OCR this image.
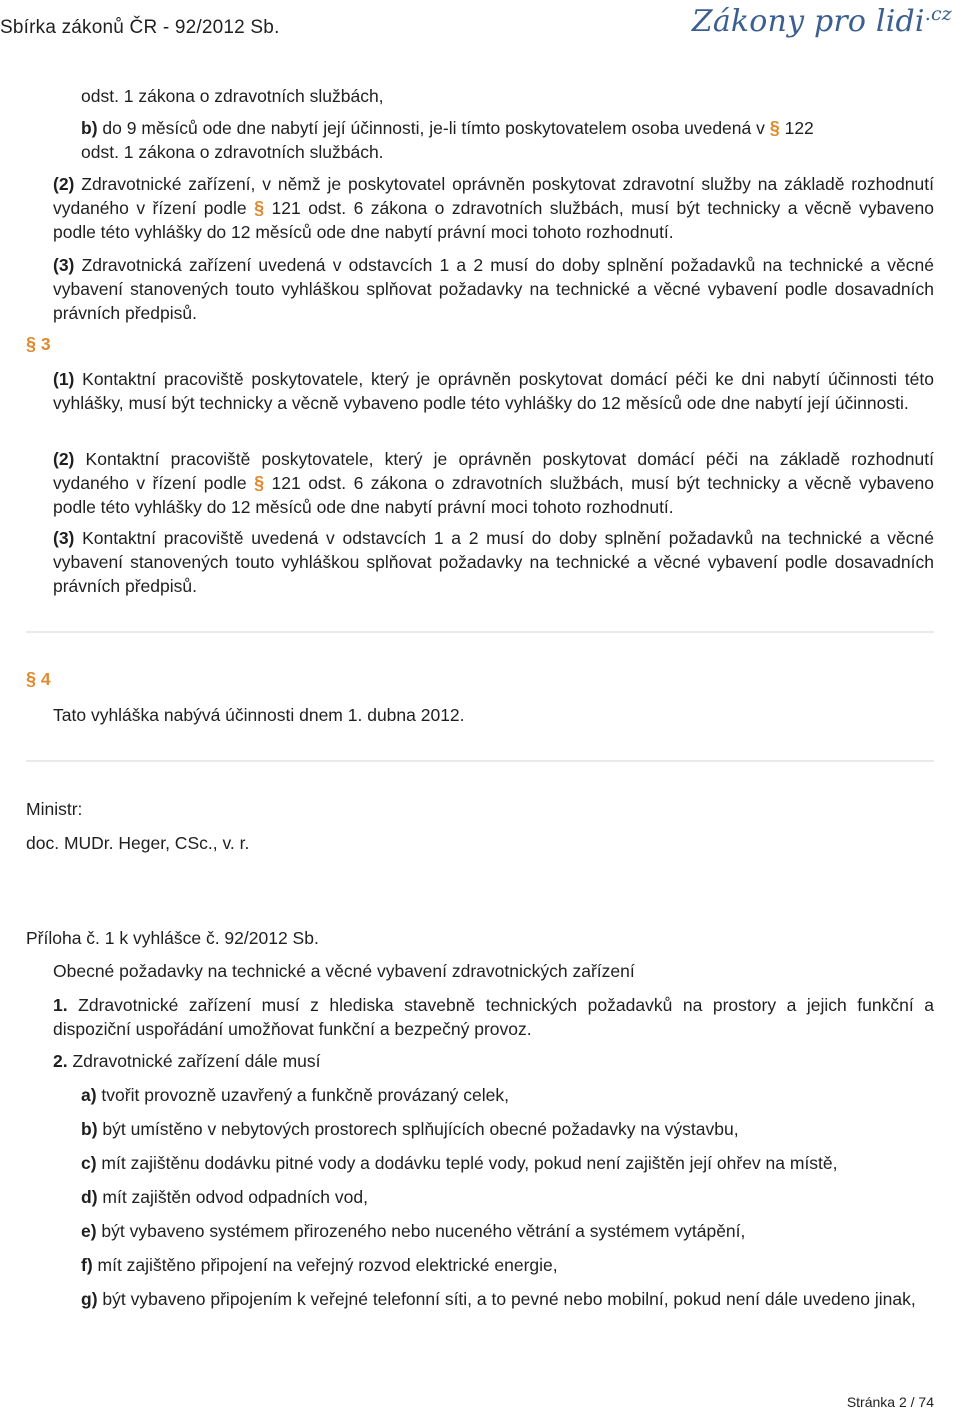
Sbírka zákonů ČR - 92/2012 Sb.	Zákony pro lidi$^{.cz}$
odst. 1 zákona o zdravotních službách,
b) do 9 měsíců ode dne nabytí její účinnosti, je-li tímto poskytovatelem osoba uvedená v § 122
odst. 1 zákona o zdravotních službách.
(2) Zdravotnické zařízení, v němž je poskytovatel oprávněn poskytovat zdravotní služby na základě rozhodnutí vydaného v řízení podle § 121 odst. 6 zákona o zdravotních službách, musí být technicky a věcně vybaveno podle této vyhlášky do 12 měsíců ode dne nabytí právní moci tohoto rozhodnutí.
(3) Zdravotnická zařízení uvedená v odstavcích 1 a 2 musí do doby splnění požadavků na technické a věcné vybavení stanovených touto vyhláškou splňovat požadavky na technické a věcné vybavení podle dosavadních právních předpisů.
§ 3
(1) Kontaktní pracoviště poskytovatele, který je oprávněn poskytovat domácí péči ke dni nabytí účinnosti této vyhlášky, musí být technicky a věcně vybaveno podle této vyhlášky do 12 měsíců ode dne nabytí její účinnosti.
(2) Kontaktní pracoviště poskytovatele, který je oprávněn poskytovat domácí péči na základě rozhodnutí vydaného v řízení podle § 121 odst. 6 zákona o zdravotních službách, musí být technicky a věcně vybaveno podle této vyhlášky do 12 měsíců ode dne nabytí právní moci tohoto rozhodnutí.
(3) Kontaktní pracoviště uvedená v odstavcích 1 a 2 musí do doby splnění požadavků na technické a věcné vybavení stanovených touto vyhláškou splňovat požadavky na technické a věcné vybavení podle dosavadních právních předpisů.
§ 4
Tato vyhláška nabývá účinnosti dnem 1. dubna 2012.
Ministr:
doc. MUDr. Heger, CSc., v. r.
Příloha č. 1 k vyhlášce č. 92/2012 Sb.
Obecné požadavky na technické a věcné vybavení zdravotnických zařízení
1. Zdravotnické zařízení musí z hlediska stavebně technických požadavků na prostory a jejich funkční a dispoziční uspořádání umožňovat funkční a bezpečný provoz.
2. Zdravotnické zařízení dále musí
a) tvořit provozně uzavřený a funkčně provázaný celek,
b) být umístěno v nebytových prostorech splňujících obecné požadavky na výstavbu,
c) mít zajištěnu dodávku pitné vody a dodávku teplé vody, pokud není zajištěn její ohřev na místě,
d) mít zajištěn odvod odpadních vod,
e) být vybaveno systémem přirozeného nebo nuceného větrání a systémem vytápění,
f) mít zajištěno připojení na veřejný rozvod elektrické energie,
g) být vybaveno připojením k veřejné telefonní síti, a to pevné nebo mobilní, pokud není dále uvedeno jinak,
Stránka 2 / 74
